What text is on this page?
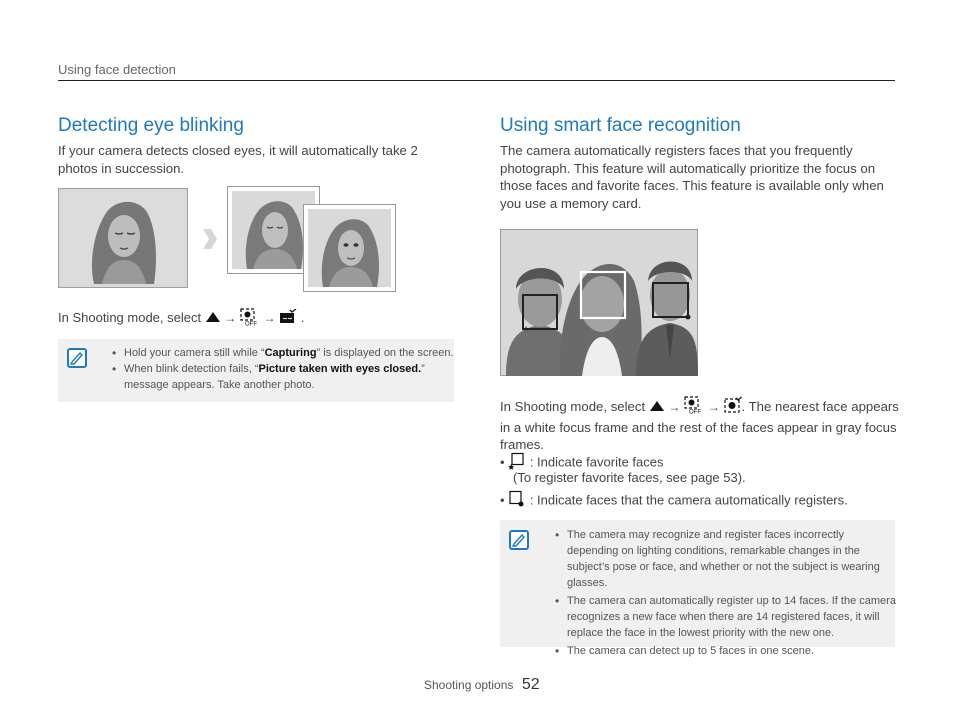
Using face detection
Detecting eye blinking
If your camera detects closed eyes, it will automatically take 2 photos in succession.
In Shooting mode, select → OFF → .
• Hold your camera still while “Capturing” is displayed on the screen.
• When blink detection fails, “Picture taken with eyes closed.” message appears. Take another photo.
Using smart face recognition
The camera automatically registers faces that you frequently photograph. This feature will automatically prioritize the focus on those faces and favorite faces. This feature is available only when you use a memory card.
In Shooting mode, select → OFF → . The nearest face appears in a white focus frame and the rest of the faces appear in gray focus frames.
• : Indicate favorite faces
(To register favorite faces, see page 53).
• : Indicate faces that the camera automatically registers.
• The camera may recognize and register faces incorrectly depending on lighting conditions, remarkable changes in the subject’s pose or face, and whether or not the subject is wearing glasses.
• The camera can automatically register up to 14 faces. If the camera recognizes a new face when there are 14 registered faces, it will replace the face in the lowest priority with the new one.
• The camera can detect up to 5 faces in one scene.
Shooting options 52
